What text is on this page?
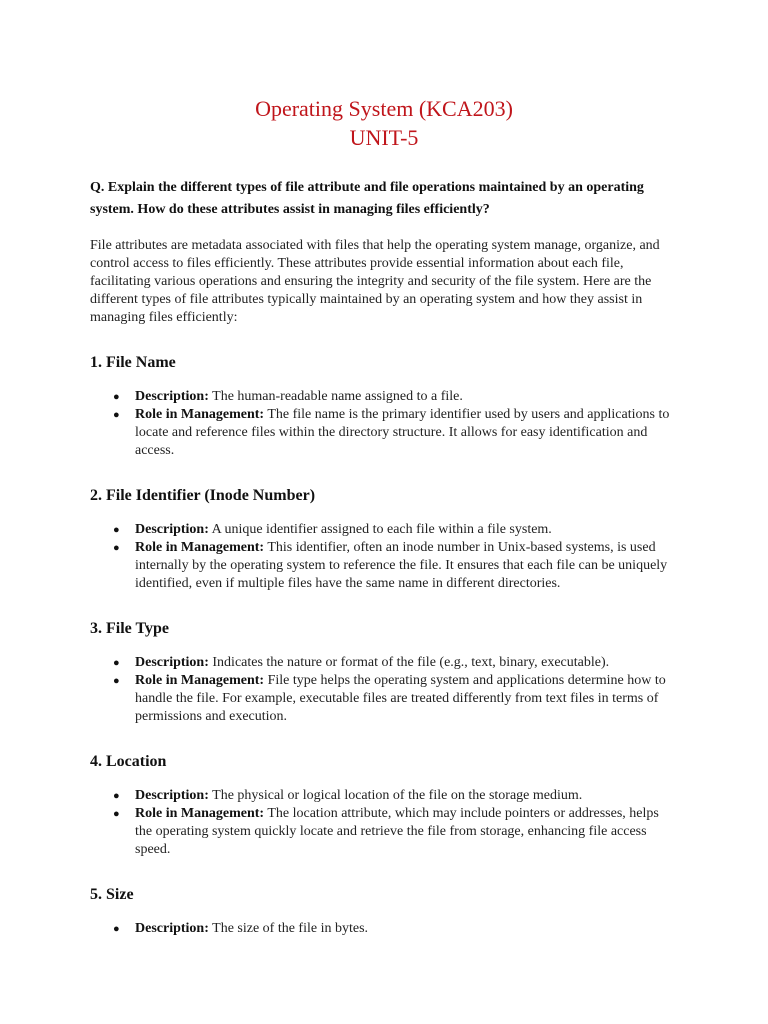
Operating System (KCA203)
UNIT-5
Q. Explain the different types of file attribute and file operations maintained by an operating system. How do these attributes assist in managing files efficiently?
File attributes are metadata associated with files that help the operating system manage, organize, and control access to files efficiently. These attributes provide essential information about each file, facilitating various operations and ensuring the integrity and security of the file system. Here are the different types of file attributes typically maintained by an operating system and how they assist in managing files efficiently:
1. File Name
● Description: The human-readable name assigned to a file.
● Role in Management: The file name is the primary identifier used by users and applications to locate and reference files within the directory structure. It allows for easy identification and access.
2. File Identifier (Inode Number)
● Description: A unique identifier assigned to each file within a file system.
● Role in Management: This identifier, often an inode number in Unix-based systems, is used internally by the operating system to reference the file. It ensures that each file can be uniquely identified, even if multiple files have the same name in different directories.
3. File Type
● Description: Indicates the nature or format of the file (e.g., text, binary, executable).
● Role in Management: File type helps the operating system and applications determine how to handle the file. For example, executable files are treated differently from text files in terms of permissions and execution.
4. Location
● Description: The physical or logical location of the file on the storage medium.
● Role in Management: The location attribute, which may include pointers or addresses, helps the operating system quickly locate and retrieve the file from storage, enhancing file access speed.
5. Size
● Description: The size of the file in bytes.
